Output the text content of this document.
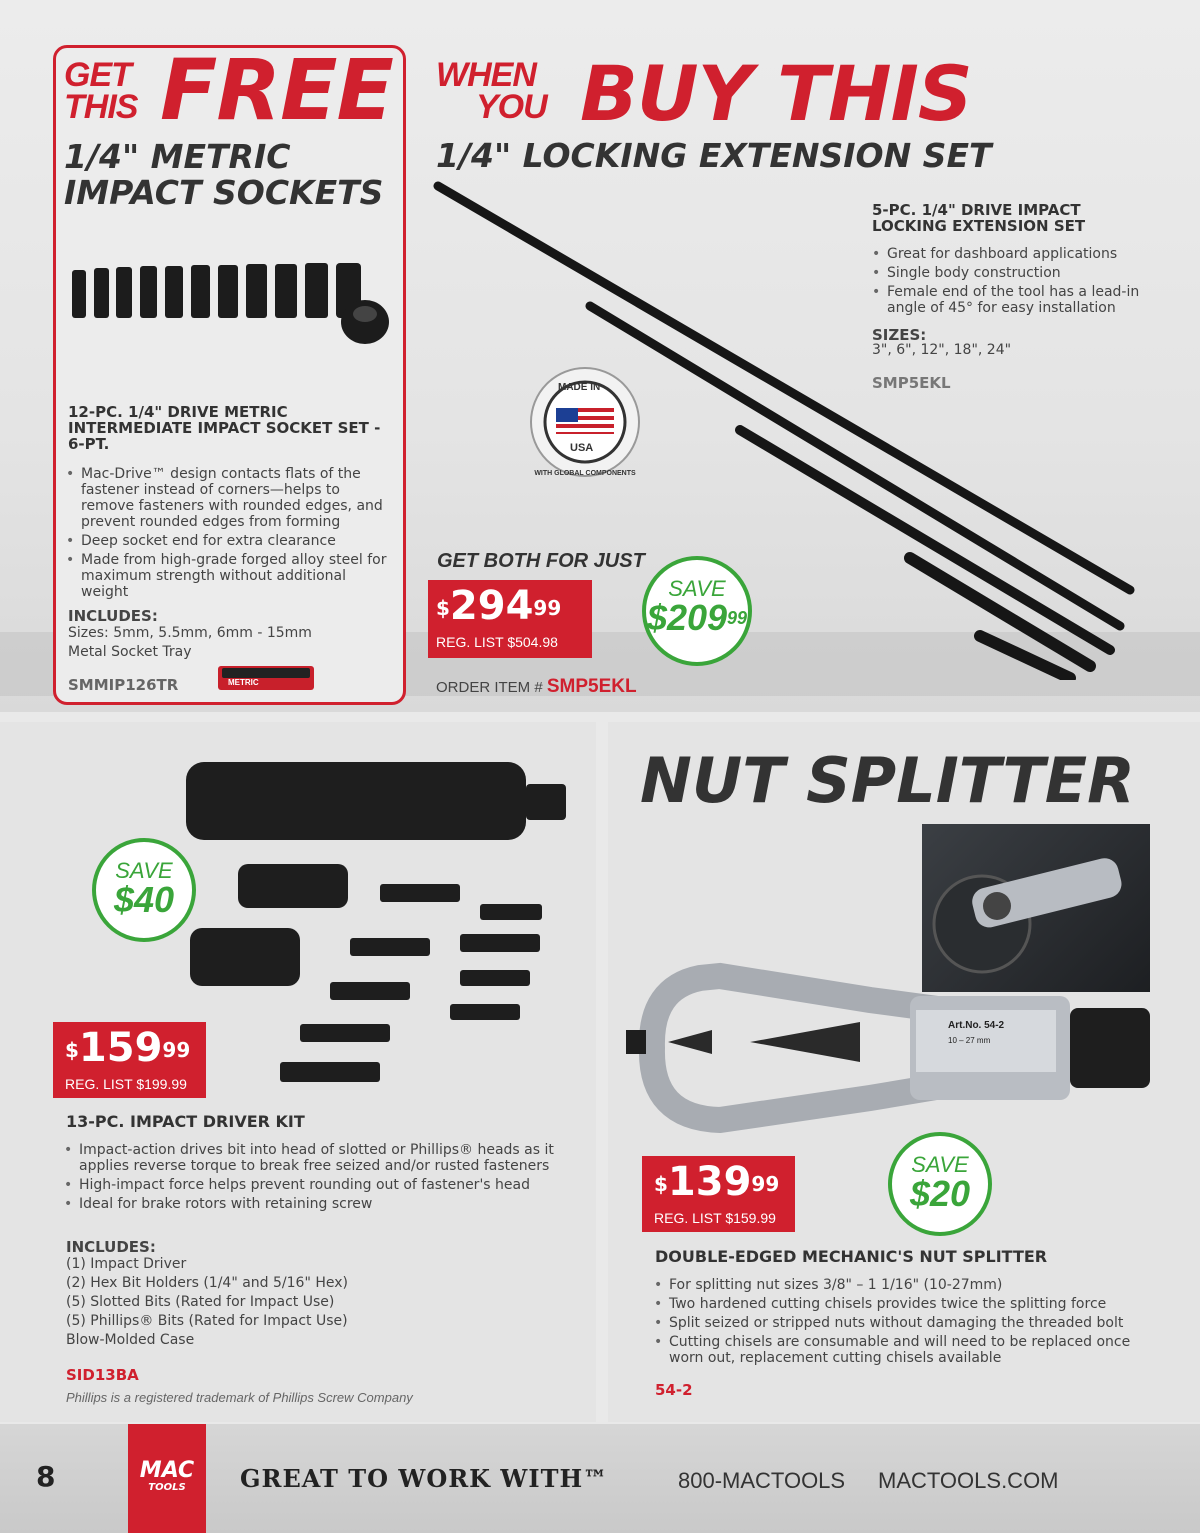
GET
THIS FREE
1/4" METRIC
IMPACT SOCKETS
12-PC. 1/4" DRIVE METRIC INTERMEDIATE IMPACT SOCKET SET - 6-PT.
• Mac-Drive™ design contacts flats of the fastener instead of corners—helps to remove fasteners with rounded edges, and prevent rounded edges from forming
• Deep socket end for extra clearance
• Made from high-grade forged alloy steel for maximum strength without additional weight
INCLUDES:
Sizes: 5mm, 5.5mm, 6mm - 15mm
Metal Socket Tray
SMMIP126TR	METRIC
WHEN
YOU BUY THIS
1/4" LOCKING EXTENSION SET
5-PC. 1/4" DRIVE IMPACT LOCKING EXTENSION SET
• Great for dashboard applications
• Single body construction
• Female end of the tool has a lead-in angle of 45° for easy installation
SIZES:
3", 6", 12", 18", 24"
SMP5EKL
MADE IN
USA
WITH GLOBAL COMPONENTS
GET BOTH FOR JUST
$^{\$}294^{99}$
REG. LIST $504.98
SAVE
$\$209^{99}$
ORDER ITEM # SMP5EKL
SAVE
$40
$^{\$}159^{99}$
REG. LIST $199.99
13-PC. IMPACT DRIVER KIT
• Impact-action drives bit into head of slotted or Phillips® heads as it applies reverse torque to break free seized and/or rusted fasteners
• High-impact force helps prevent rounding out of fastener's head
• Ideal for brake rotors with retaining screw
INCLUDES:
(1) Impact Driver
(2) Hex Bit Holders (1/4" and 5/16" Hex)
(5) Slotted Bits (Rated for Impact Use)
(5) Phillips® Bits (Rated for Impact Use)
Blow-Molded Case
SID13BA
Phillips is a registered trademark of Phillips Screw Company
NUT SPLITTER
Art.No. 54-2
10 – 27 mm
SAVE
$20
$^{\$}139^{99}$
REG. LIST $159.99
DOUBLE-EDGED MECHANIC'S NUT SPLITTER
• For splitting nut sizes 3/8" – 1 1/16" (10-27mm)
• Two hardened cutting chisels provides twice the splitting force
• Split seized or stripped nuts without damaging the threaded bolt
• Cutting chisels are consumable and will need to be replaced once worn out, replacement cutting chisels available
54-2
8	MAC
TOOLS	GREAT TO WORK WITH™	800-MACTOOLS MACTOOLS.COM
